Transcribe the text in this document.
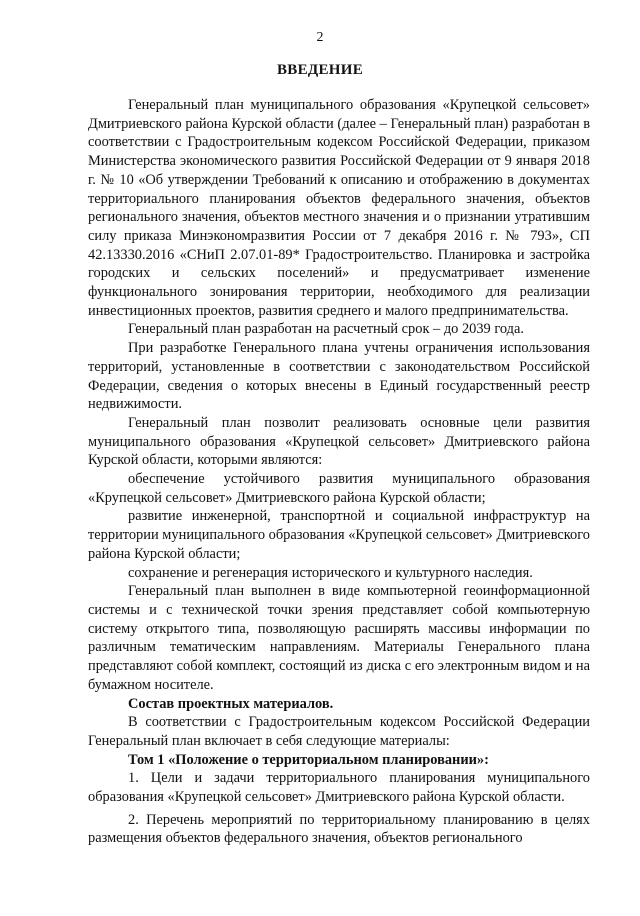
2
ВВЕДЕНИЕ

Генеральный план муниципального образования «Крупецкой сельсовет» Дмитриевского района Курской области (далее – Генеральный план) разработан в соответствии с Градостроительным кодексом Российской Федерации, приказом Министерства экономического развития Российской Федерации от 9 января 2018 г. № 10 «Об утверждении Требований к описанию и отображению в документах территориального планирования объектов федерального значения, объектов регионального значения, объектов местного значения и о признании утратившим силу приказа Минэкономразвития России от 7 декабря 2016 г. № 793», СП 42.13330.2016 «СНиП 2.07.01-89* Градостроительство. Планировка и застройка городских и сельских поселений» и предусматривает изменение функционального зонирования территории, необходимого для реализации инвестиционных проектов, развития среднего и малого предпринимательства.

Генеральный план разработан на расчетный срок – до 2039 года.

При разработке Генерального плана учтены ограничения использования территорий, установленные в соответствии с законодательством Российской Федерации, сведения о которых внесены в Единый государственный реестр недвижимости.

Генеральный план позволит реализовать основные цели развития муниципального образования «Крупецкой сельсовет» Дмитриевского района Курской области, которыми являются:

обеспечение устойчивого развития муниципального образования «Крупецкой сельсовет» Дмитриевского района Курской области;

развитие инженерной, транспортной и социальной инфраструктур на территории муниципального образования «Крупецкой сельсовет» Дмитриевского района Курской области;

сохранение и регенерация исторического и культурного наследия.

Генеральный план выполнен в виде компьютерной геоинформационной системы и с технической точки зрения представляет собой компьютерную систему открытого типа, позволяющую расширять массивы информации по различным тематическим направлениям. Материалы Генерального плана представляют собой комплект, состоящий из диска с его электронным видом и на бумажном носителе.

Состав проектных материалов.

В соответствии с Градостроительным кодексом Российской Федерации Генеральный план включает в себя следующие материалы:

Том 1 «Положение о территориальном планировании»:

1. Цели и задачи территориального планирования муниципального образования «Крупецкой сельсовет» Дмитриевского района Курской области.

2. Перечень мероприятий по территориальному планированию в целях размещения объектов федерального значения, объектов регионального
